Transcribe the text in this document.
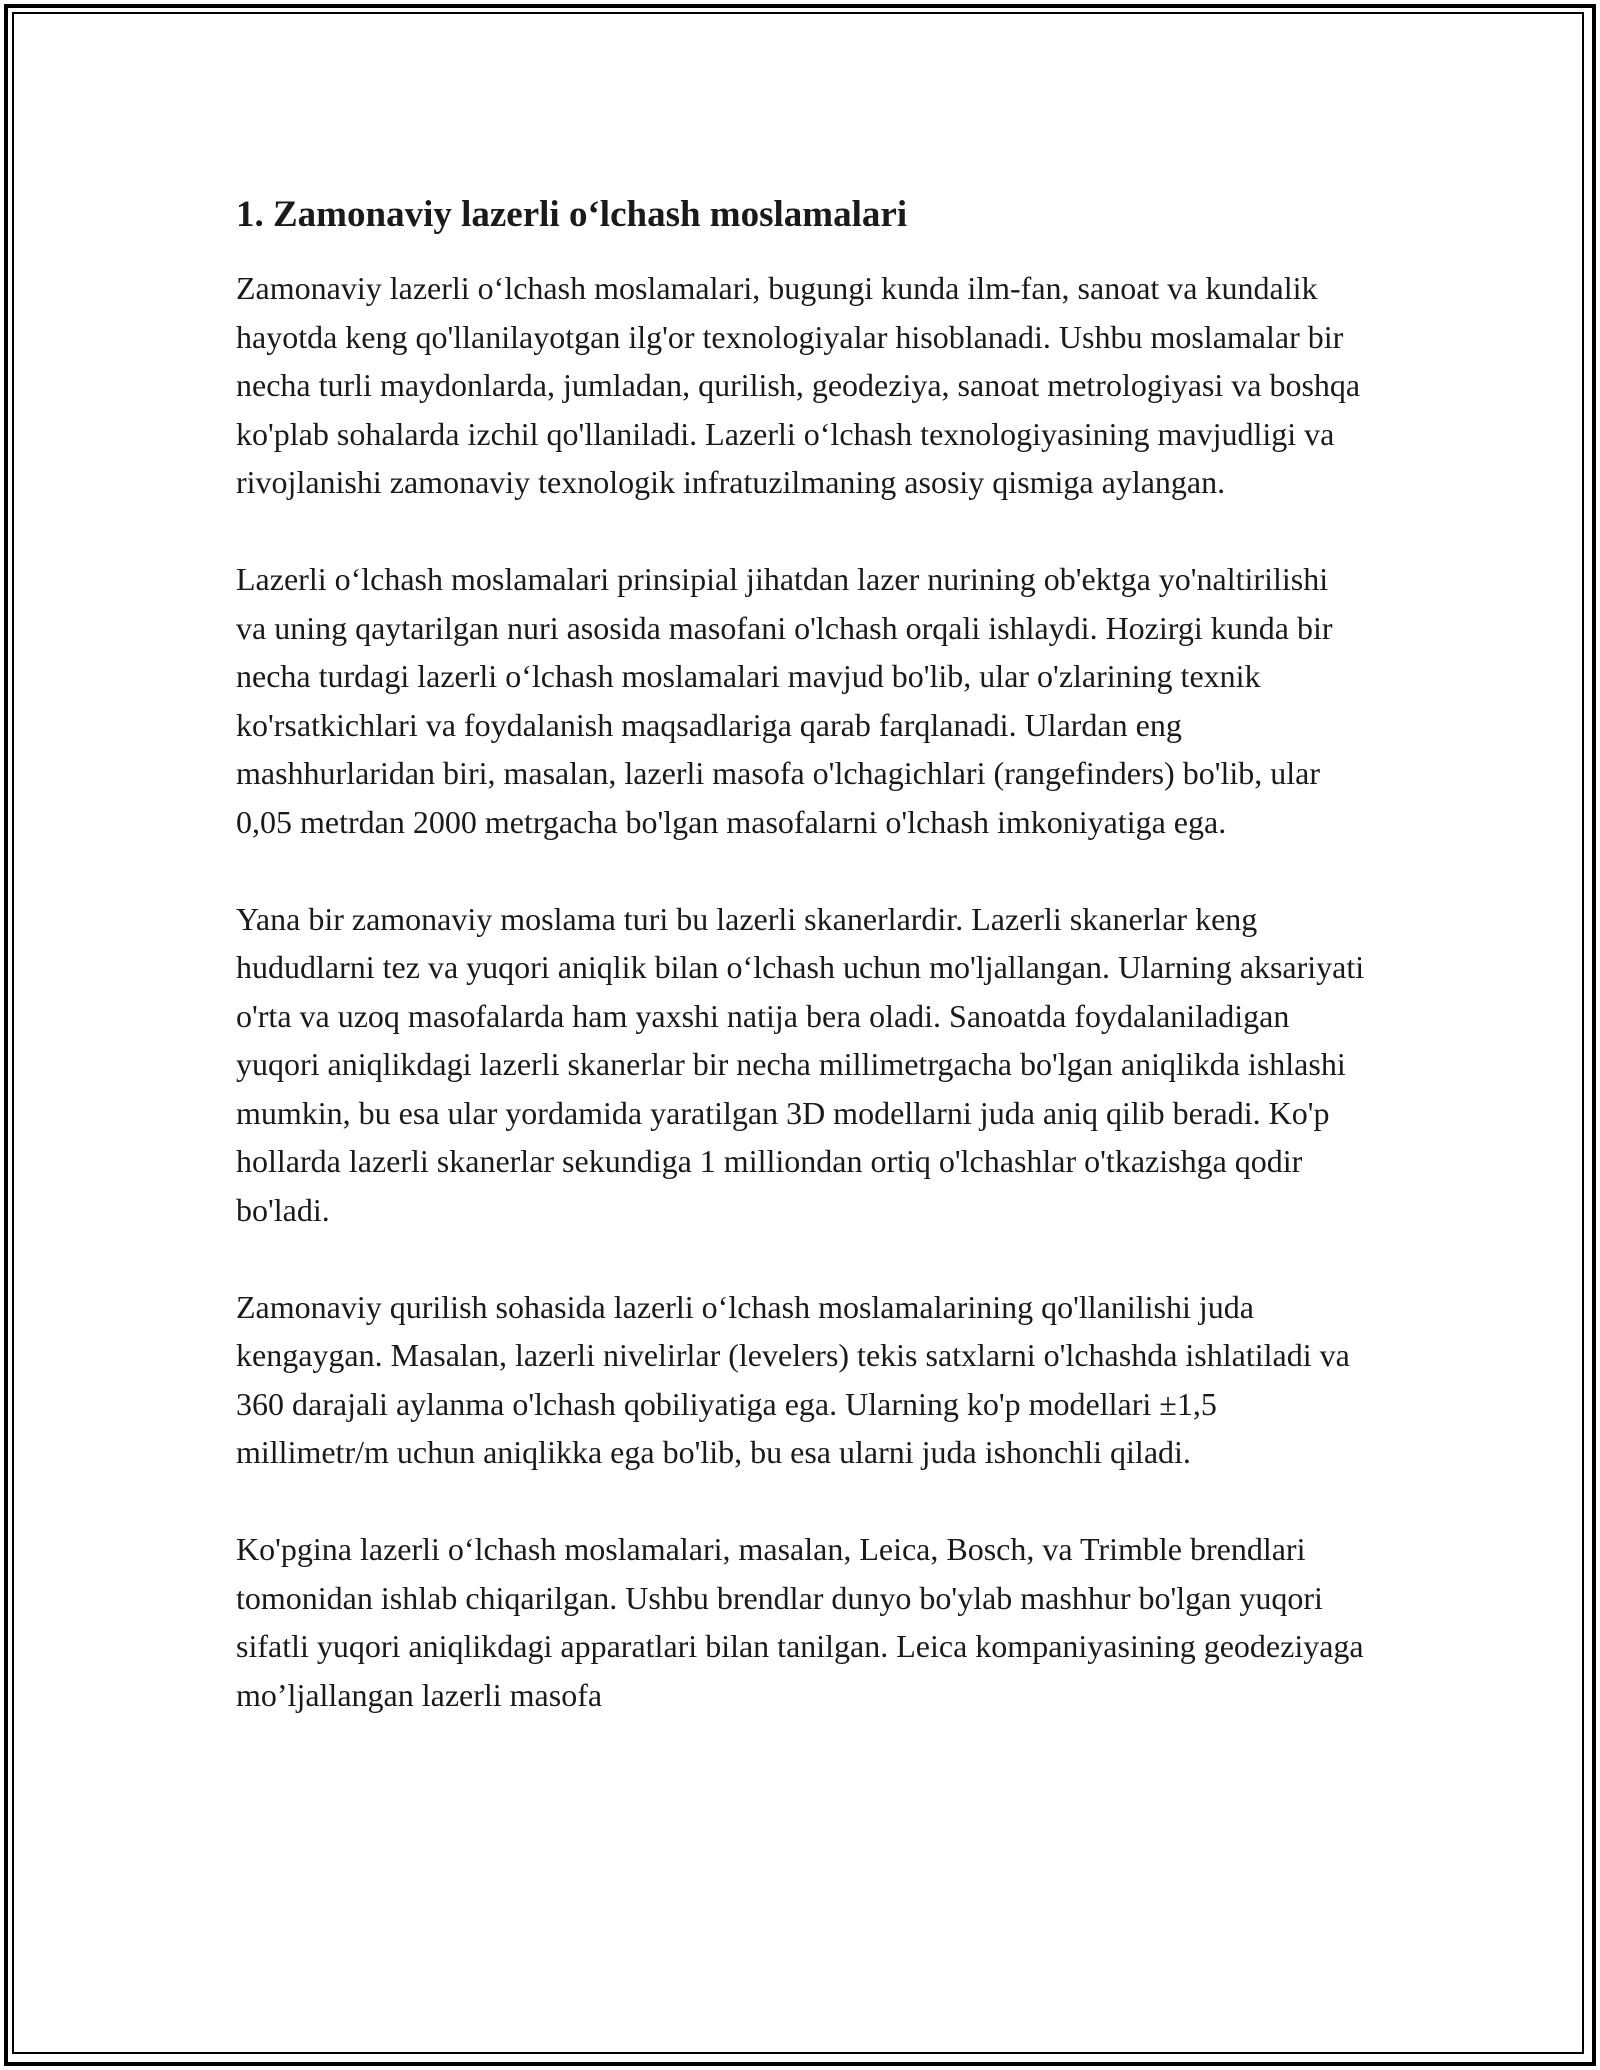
1. Zamonaviy lazerli o‘lchash moslamalari

Zamonaviy lazerli o‘lchash moslamalari, bugungi kunda ilm-fan, sanoat va kundalik hayotda keng qo'llanilayotgan ilg'or texnologiyalar hisoblanadi. Ushbu moslamalar bir necha turli maydonlarda, jumladan, qurilish, geodeziya, sanoat metrologiyasi va boshqa ko'plab sohalarda izchil qo'llaniladi. Lazerli o‘lchash texnologiyasining mavjudligi va rivojlanishi zamonaviy texnologik infratuzilmaning asosiy qismiga aylangan.

Lazerli o‘lchash moslamalari prinsipial jihatdan lazer nurining ob'ektga yo'naltirilishi va uning qaytarilgan nuri asosida masofani o'lchash orqali ishlaydi. Hozirgi kunda bir necha turdagi lazerli o‘lchash moslamalari mavjud bo'lib, ular o'zlarining texnik ko'rsatkichlari va foydalanish maqsadlariga qarab farqlanadi. Ulardan eng mashhurlaridan biri, masalan, lazerli masofa o'lchagichlari (rangefinders) bo'lib, ular 0,05 metrdan 2000 metrgacha bo'lgan masofalarni o'lchash imkoniyatiga ega.

Yana bir zamonaviy moslama turi bu lazerli skanerlardir. Lazerli skanerlar keng hududlarni tez va yuqori aniqlik bilan o‘lchash uchun mo'ljallangan. Ularning aksariyati o'rta va uzoq masofalarda ham yaxshi natija bera oladi. Sanoatda foydalaniladigan yuqori aniqlikdagi lazerli skanerlar bir necha millimetrgacha bo'lgan aniqlikda ishlashi mumkin, bu esa ular yordamida yaratilgan 3D modellarni juda aniq qilib beradi. Ko'p hollarda lazerli skanerlar sekundiga 1 milliondan ortiq o'lchashlar o'tkazishga qodir bo'ladi.

Zamonaviy qurilish sohasida lazerli o‘lchash moslamalarining qo'llanilishi juda kengaygan. Masalan, lazerli nivelirlar (levelers) tekis satxlarni o'lchashda ishlatiladi va 360 darajali aylanma o'lchash qobiliyatiga ega. Ularning ko'p modellari ±1,5 millimetr/m uchun aniqlikka ega bo'lib, bu esa ularni juda ishonchli qiladi.

Ko'pgina lazerli o‘lchash moslamalari, masalan, Leica, Bosch, va Trimble brendlari tomonidan ishlab chiqarilgan. Ushbu brendlar dunyo bo'ylab mashhur bo'lgan yuqori sifatli yuqori aniqlikdagi apparatlari bilan tanilgan. Leica kompaniyasining geodeziyaga mo’ljallangan lazerli masofa
